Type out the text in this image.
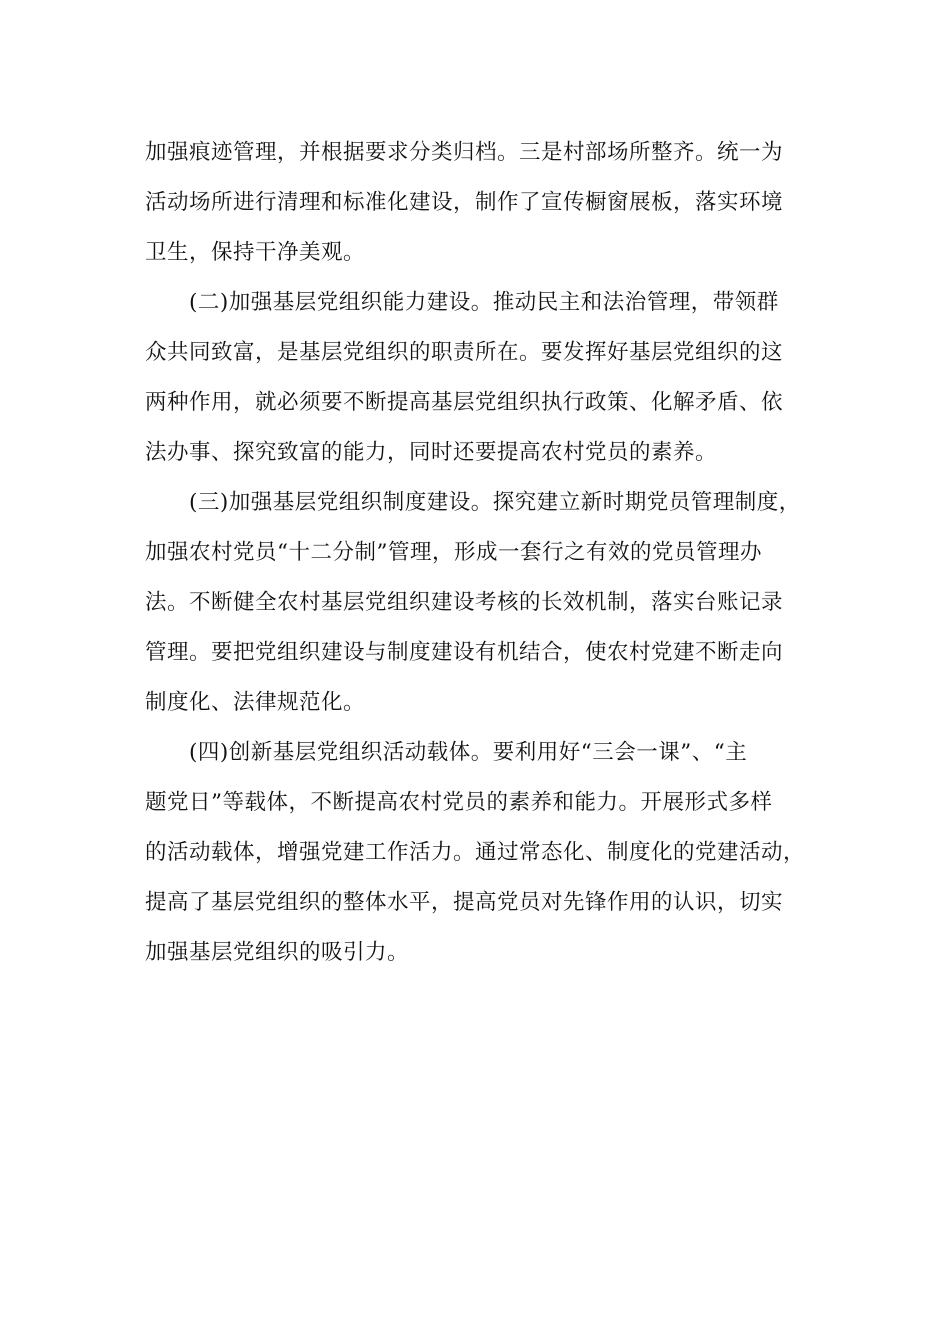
加强痕迹管理，并根据要求分类归档。三是村部场所整齐。统一为
活动场所进行清理和标准化建设，制作了宣传橱窗展板，落实环境
卫生，保持干净美观。
　　(二)加强基层党组织能力建设。推动民主和法治管理，带领群
众共同致富，是基层党组织的职责所在。要发挥好基层党组织的这
两种作用，就必须要不断提高基层党组织执行政策、化解矛盾、依
法办事、探究致富的能力，同时还要提高农村党员的素养。
　　(三)加强基层党组织制度建设。探究建立新时期党员管理制度，
加强农村党员“十二分制”管理，形成一套行之有效的党员管理办
法。不断健全农村基层党组织建设考核的长效机制，落实台账记录
管理。要把党组织建设与制度建设有机结合，使农村党建不断走向
制度化、法律规范化。
　　(四)创新基层党组织活动载体。要利用好“三会一课”、“主
题党日”等载体，不断提高农村党员的素养和能力。开展形式多样
的活动载体，增强党建工作活力。通过常态化、制度化的党建活动，
提高了基层党组织的整体水平，提高党员对先锋作用的认识，切实
加强基层党组织的吸引力。
